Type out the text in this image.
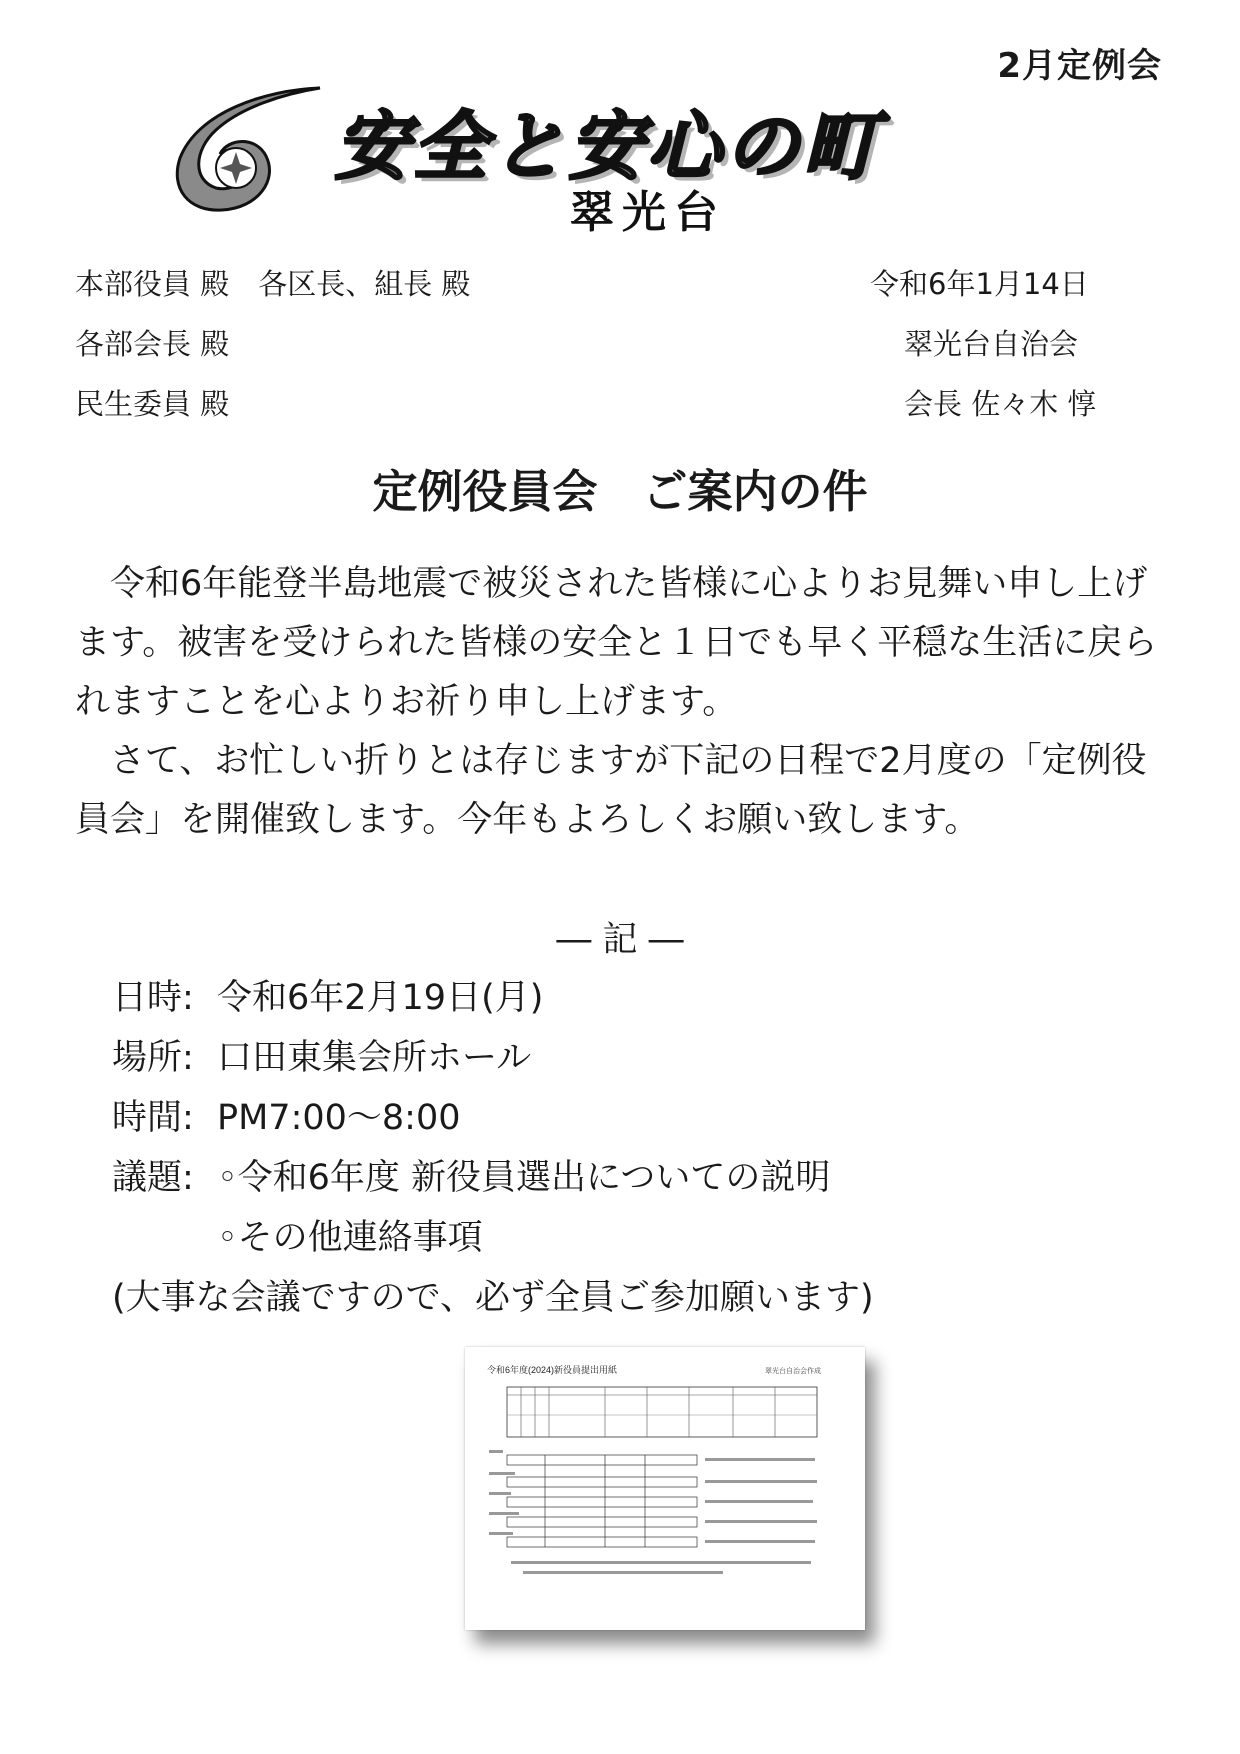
2月定例会
安全と安心の町
翠光台
本部役員 殿　各区長、組長 殿
各部会長 殿
民生委員 殿
令和6年1月14日
翠光台自治会
会長 佐々木 惇
定例役員会　ご案内の件

令和6年能登半島地震で被災された皆様に心よりお見舞い申し上げます。被害を受けられた皆様の安全と１日でも早く平穏な生活に戻られますことを心よりお祈り申し上げます。

さて、お忙しい折りとは存じますが下記の日程で2月度の「定例役員会」を開催致します。今年もよろしくお願い致します。

― 記 ―
日時: 令和6年2月19日(月)
場所: 口田東集会所ホール
時間:PM7:00～8:00
議題: ◦令和6年度 新役員選出についての説明
◦その他連絡事項
(大事な会議ですので、必ず全員ご参加願います)
令和6年度(2024)新役員提出用紙	翠光台自治会作成
